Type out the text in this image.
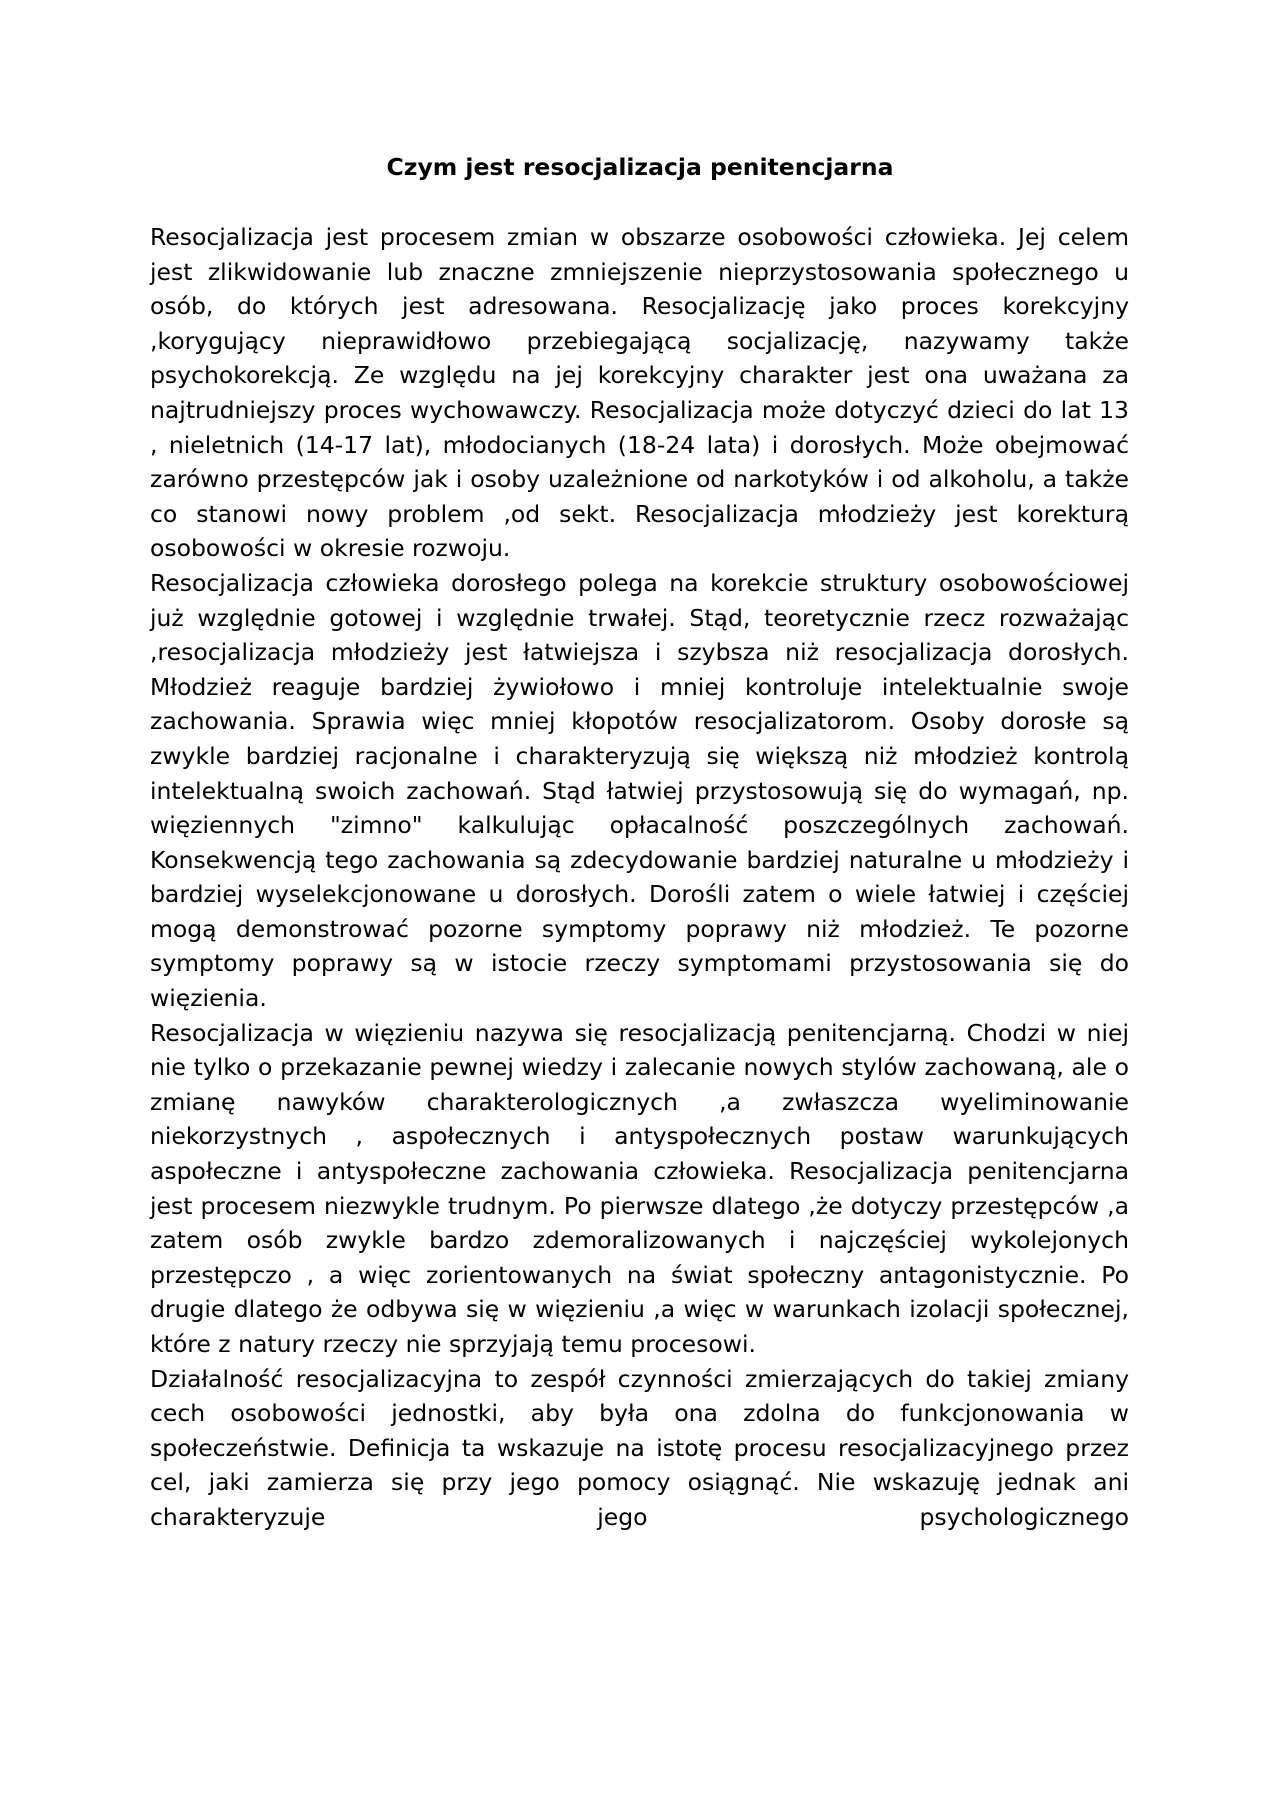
Czym jest resocjalizacja penitencjarna

Resocjalizacja jest procesem zmian w obszarze osobowości człowieka. Jej celem jest zlikwidowanie lub znaczne zmniejszenie nieprzystosowania społecznego u osób, do których jest adresowana. Resocjalizację jako proces korekcyjny ,korygujący nieprawidłowo przebiegającą socjalizację, nazywamy także psychokorekcją. Ze względu na jej korekcyjny charakter jest ona uważana za najtrudniejszy proces wychowawczy. Resocjalizacja może dotyczyć dzieci do lat 13 , nieletnich (14-17 lat), młodocianych (18-24 lata) i dorosłych. Może obejmować zarówno przestępców jak i osoby uzależnione od narkotyków i od alkoholu, a także co stanowi nowy problem ,od sekt. Resocjalizacja młodzieży jest korekturą osobowości w okresie rozwoju.

Resocjalizacja człowieka dorosłego polega na korekcie struktury osobowościowej już względnie gotowej i względnie trwałej. Stąd, teoretycznie rzecz rozważając ,resocjalizacja młodzieży jest łatwiejsza i szybsza niż resocjalizacja dorosłych. Młodzież reaguje bardziej żywiołowo i mniej kontroluje intelektualnie swoje zachowania. Sprawia więc mniej kłopotów resocjalizatorom. Osoby dorosłe są zwykle bardziej racjonalne i charakteryzują się większą niż młodzież kontrolą intelektualną swoich zachowań. Stąd łatwiej przystosowują się do wymagań, np. więziennych "zimno" kalkulując opłacalność poszczególnych zachowań. Konsekwencją tego zachowania są zdecydowanie bardziej naturalne u młodzieży i bardziej wyselekcjonowane u dorosłych. Dorośli zatem o wiele łatwiej i częściej mogą demonstrować pozorne symptomy poprawy niż młodzież. Te pozorne symptomy poprawy są w istocie rzeczy symptomami przystosowania się do więzienia.

Resocjalizacja w więzieniu nazywa się resocjalizacją penitencjarną. Chodzi w niej nie tylko o przekazanie pewnej wiedzy i zalecanie nowych stylów zachowaną, ale o zmianę nawyków charakterologicznych ,a zwłaszcza wyeliminowanie niekorzystnych , aspołecznych i antyspołecznych postaw warunkujących aspołeczne i antyspołeczne zachowania człowieka. Resocjalizacja penitencjarna jest procesem niezwykle trudnym. Po pierwsze dlatego ,że dotyczy przestępców ,a zatem osób zwykle bardzo zdemoralizowanych i najczęściej wykolejonych przestępczo , a więc zorientowanych na świat społeczny antagonistycznie. Po drugie dlatego że odbywa się w więzieniu ,a więc w warunkach izolacji społecznej, które z natury rzeczy nie sprzyjają temu procesowi.

Działalność resocjalizacyjna to zespół czynności zmierzających do takiej zmiany cech osobowości jednostki, aby była ona zdolna do funkcjonowania w społeczeństwie. Definicja ta wskazuje na istotę procesu resocjalizacyjnego przez cel, jaki zamierza się przy jego pomocy osiągnąć. Nie wskazuję jednak ani charakteryzuje jego psychologicznego
